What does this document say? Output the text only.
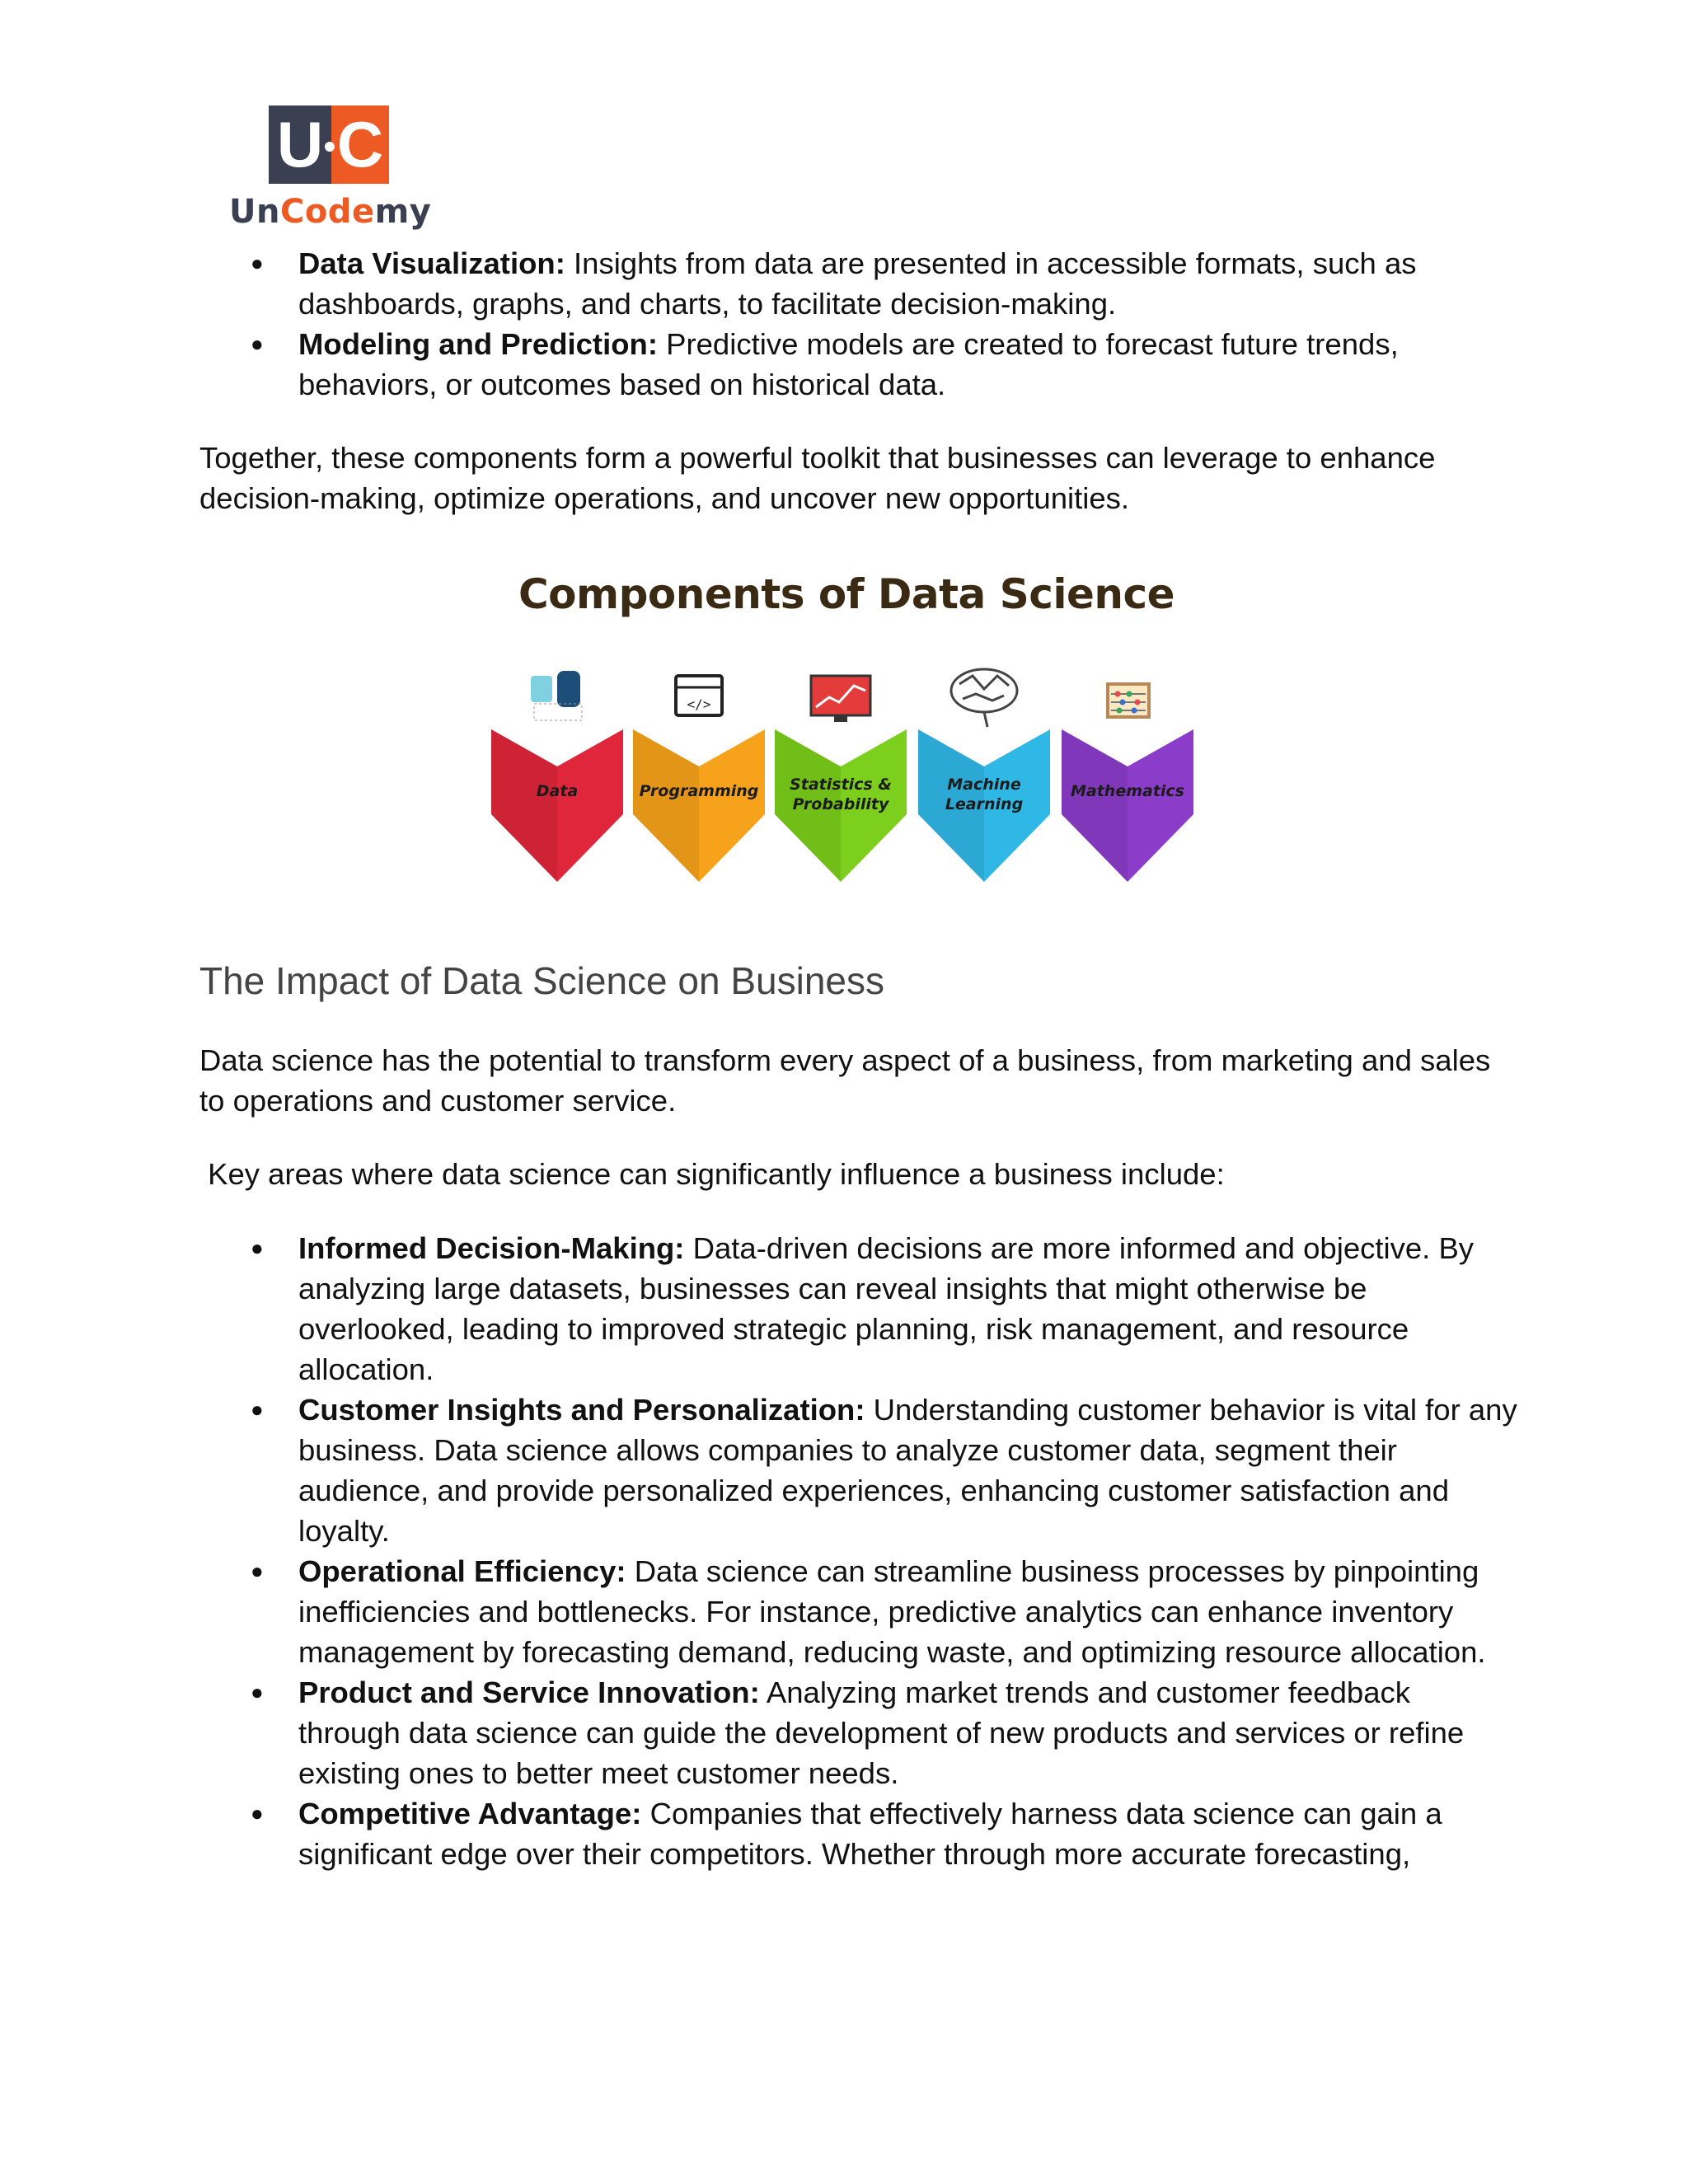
U C
UnCodemy
● Data Visualization: Insights from data are presented in accessible formats, such as dashboards, graphs, and charts, to facilitate decision-making.
● Modeling and Prediction: Predictive models are created to forecast future trends, behaviors, or outcomes based on historical data.
Together, these components form a powerful toolkit that businesses can leverage to enhance decision-making, optimize operations, and uncover new opportunities.
Components of Data Science
Data
</>
Programming	Statistics & Probability
Machine Learning
Mathematics
The Impact of Data Science on Business
Data science has the potential to transform every aspect of a business, from marketing and sales to operations and customer service.
Key areas where data science can significantly influence a business include:
● Informed Decision-Making: Data-driven decisions are more informed and objective. By analyzing large datasets, businesses can reveal insights that might otherwise be overlooked, leading to improved strategic planning, risk management, and resource allocation.
● Customer Insights and Personalization: Understanding customer behavior is vital for any business. Data science allows companies to analyze customer data, segment their audience, and provide personalized experiences, enhancing customer satisfaction and loyalty.
● Operational Efficiency: Data science can streamline business processes by pinpointing inefficiencies and bottlenecks. For instance, predictive analytics can enhance inventory management by forecasting demand, reducing waste, and optimizing resource allocation.
● Product and Service Innovation: Analyzing market trends and customer feedback through data science can guide the development of new products and services or refine existing ones to better meet customer needs.
● Competitive Advantage: Companies that effectively harness data science can gain a significant edge over their competitors. Whether through more accurate forecasting,
